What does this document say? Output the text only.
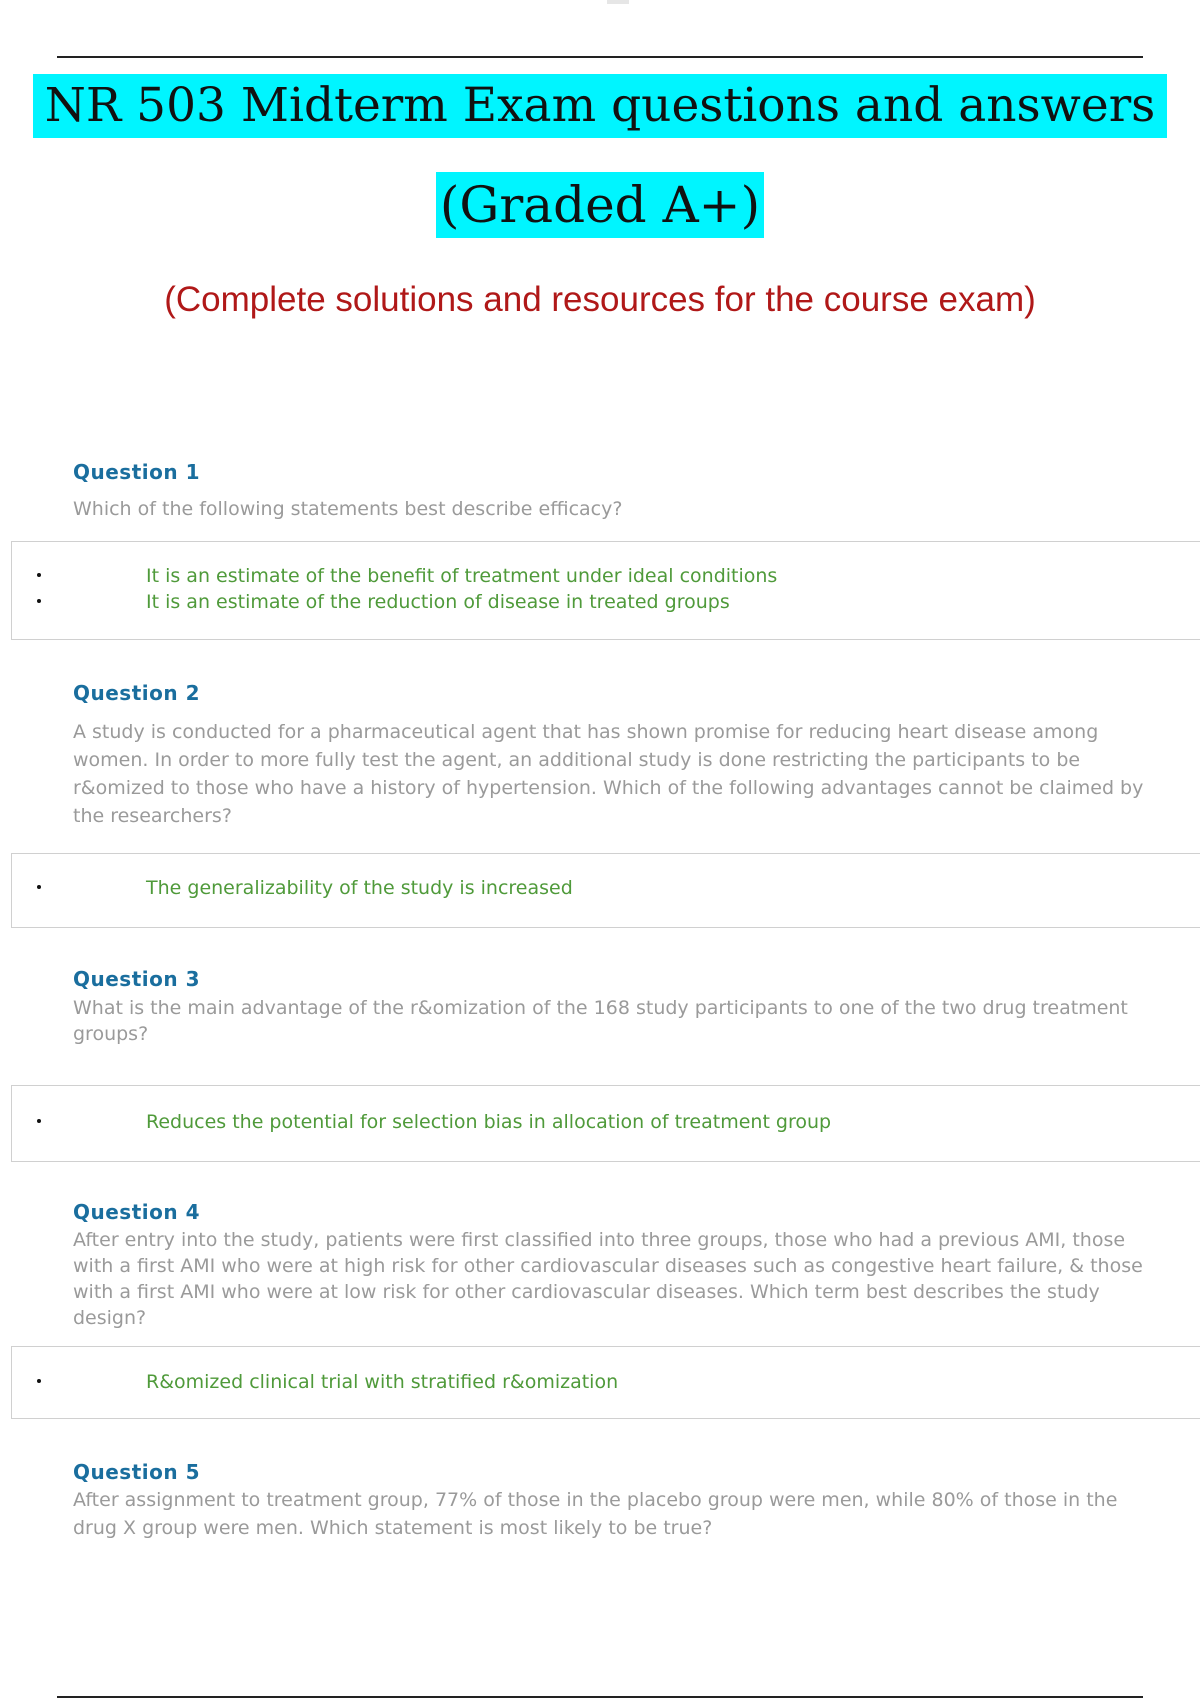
NR 503 Midterm Exam questions and answers
(Graded A+)
(Complete solutions and resources for the course exam)
Question 1
Which of the following statements best describe efficacy?
It is an estimate of the benefit of treatment under ideal conditions
It is an estimate of the reduction of disease in treated groups
Question 2
A study is conducted for a pharmaceutical agent that has shown promise for reducing heart disease among women. In order to more fully test the agent, an additional study is done restricting the participants to be r&omized to those who have a history of hypertension. Which of the following advantages cannot be claimed by the researchers?
The generalizability of the study is increased
Question 3
What is the main advantage of the r&omization of the 168 study participants to one of the two drug treatment groups?
Reduces the potential for selection bias in allocation of treatment group
Question 4
After entry into the study, patients were first classified into three groups, those who had a previous AMI, those with a first AMI who were at high risk for other cardiovascular diseases such as congestive heart failure, & those with a first AMI who were at low risk for other cardiovascular diseases. Which term best describes the study design?
R&omized clinical trial with stratified r&omization
Question 5
After assignment to treatment group, 77% of those in the placebo group were men, while 80% of those in the drug X group were men. Which statement is most likely to be true?
